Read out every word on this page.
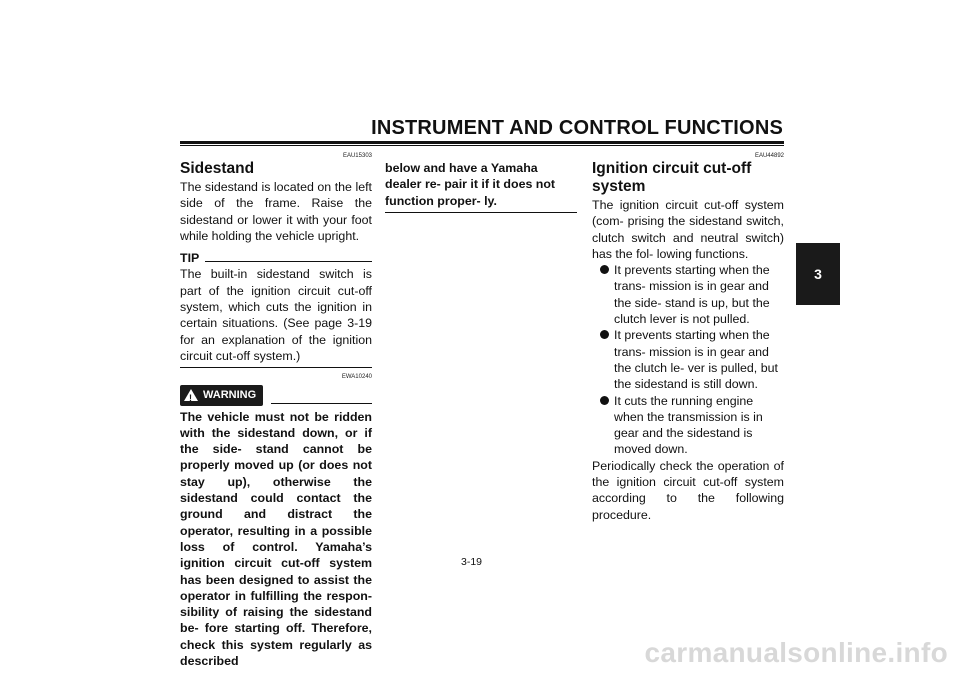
INSTRUMENT AND CONTROL FUNCTIONS
3
EAU15303
Sidestand

The sidestand is located on the left side of the frame. Raise the sidestand or lower it with your foot while holding the vehicle upright.

TIP

The built-in sidestand switch is part of the ignition circuit cut-off system, which cuts the ignition in certain situations. (See page 3-19 for an explanation of the ignition circuit cut-off system.)

EWA10240
!
WARNING

The vehicle must not be ridden with the sidestand down, or if the side- stand cannot be properly moved up (or does not stay up), otherwise the sidestand could contact the ground and distract the operator, resulting in a possible loss of control. Yamaha’s ignition circuit cut-off system has been designed to assist the operator in fulfilling the respon- sibility of raising the sidestand be- fore starting off. Therefore, check this system regularly as described

below and have a Yamaha dealer re- pair it if it does not function proper- ly.

EAU44892
Ignition circuit cut-off system

The ignition circuit cut-off system (com- prising the sidestand switch, clutch switch and neutral switch) has the fol- lowing functions.

It prevents starting when the trans- mission is in gear and the side- stand is up, but the clutch lever is not pulled.
It prevents starting when the trans- mission is in gear and the clutch le- ver is pulled, but the sidestand is still down.
It cuts the running engine when the transmission is in gear and the sidestand is moved down.

Periodically check the operation of the ignition circuit cut-off system according to the following procedure.

3-19
carmanualsonline.info
